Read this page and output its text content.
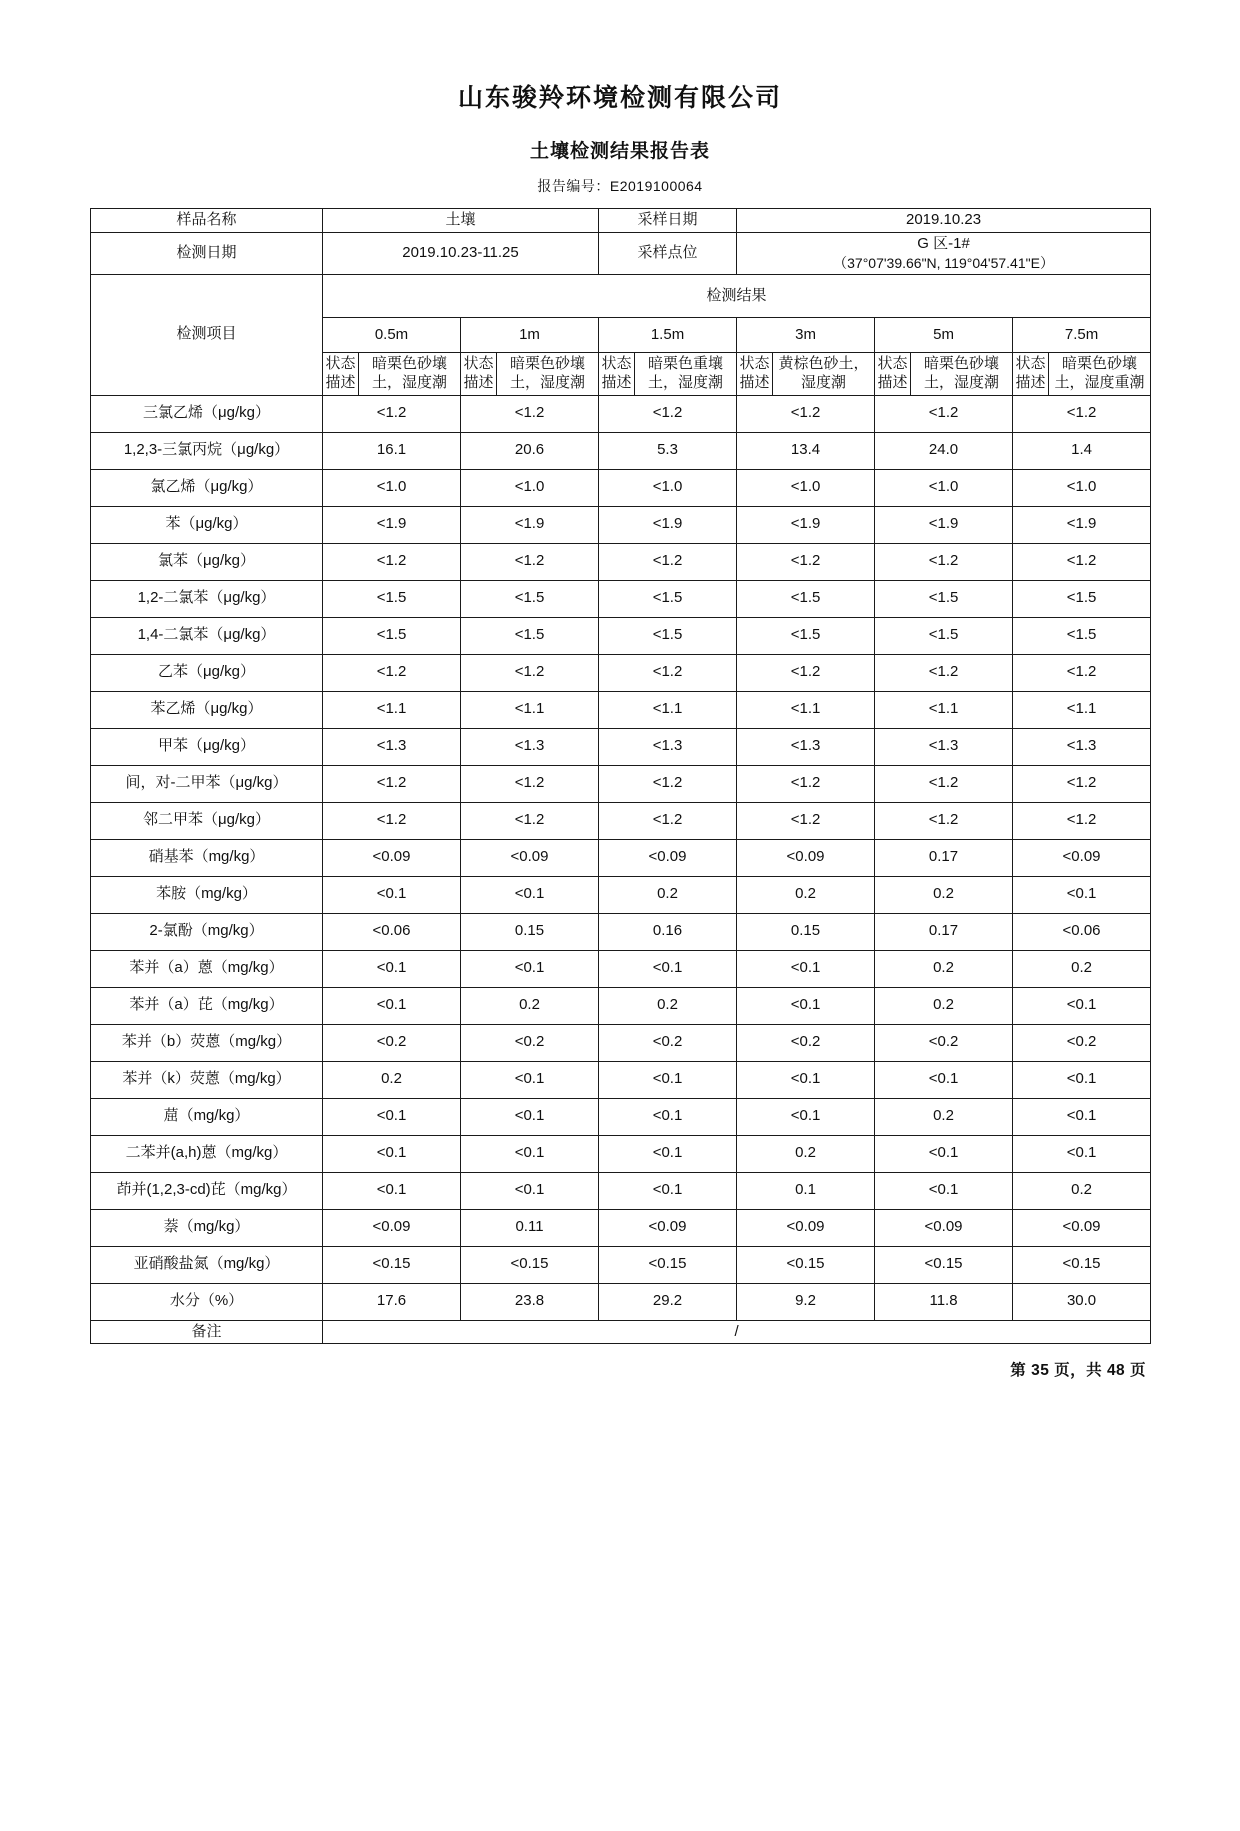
山东骏羚环境检测有限公司
土壤检测结果报告表
报告编号：E2019100064
样品名称	土壤				采样日期		2019.10.23					
检测日期	2019.10.23-11.25				采样点位		G 区-1#
（37°07'39.66"N, 119°04'57.41"E）					

检测项目	检测结果											
	0.5m		1m		1.5m		3m		5m		7.5m	
	状态描述	暗栗色砂壤土，湿度潮	状态描述	暗栗色砂壤土，湿度潮	状态描述	暗栗色重壤土，湿度潮	状态描述	黄棕色砂土，湿度潮	状态描述	暗栗色砂壤土，湿度潮	状态描述	暗栗色砂壤土，湿度重潮
三氯乙烯（μg/kg）	<1.2		<1.2		<1.2		<1.2		<1.2		<1.2	
1,2,3-三氯丙烷（μg/kg）	16.1		20.6		5.3		13.4		24.0		1.4	
氯乙烯（μg/kg）	<1.0		<1.0		<1.0		<1.0		<1.0		<1.0	
苯（μg/kg）	<1.9		<1.9		<1.9		<1.9		<1.9		<1.9	
氯苯（μg/kg）	<1.2		<1.2		<1.2		<1.2		<1.2		<1.2	
1,2-二氯苯（μg/kg）	<1.5		<1.5		<1.5		<1.5		<1.5		<1.5	
1,4-二氯苯（μg/kg）	<1.5		<1.5		<1.5		<1.5		<1.5		<1.5	
乙苯（μg/kg）	<1.2		<1.2		<1.2		<1.2		<1.2		<1.2	
苯乙烯（μg/kg）	<1.1		<1.1		<1.1		<1.1		<1.1		<1.1	
甲苯（μg/kg）	<1.3		<1.3		<1.3		<1.3		<1.3		<1.3	
间，对-二甲苯（μg/kg）	<1.2		<1.2		<1.2		<1.2		<1.2		<1.2	
邻二甲苯（μg/kg）	<1.2		<1.2		<1.2		<1.2		<1.2		<1.2	
硝基苯（mg/kg）	<0.09		<0.09		<0.09		<0.09		0.17		<0.09	
苯胺（mg/kg）	<0.1		<0.1		0.2		0.2		0.2		<0.1	
2-氯酚（mg/kg）	<0.06		0.15		0.16		0.15		0.17		<0.06	
苯并（a）蒽（mg/kg）	<0.1		<0.1		<0.1		<0.1		0.2		0.2	
苯并（a）芘（mg/kg）	<0.1		0.2		0.2		<0.1		0.2		<0.1	
苯并（b）荧蒽（mg/kg）	<0.2		<0.2		<0.2		<0.2		<0.2		<0.2	
苯并（k）荧蒽（mg/kg）	0.2		<0.1		<0.1		<0.1		<0.1		<0.1	
䓛（mg/kg）	<0.1		<0.1		<0.1		<0.1		0.2		<0.1	
二苯并(a,h)蒽（mg/kg）	<0.1		<0.1		<0.1		0.2		<0.1		<0.1	
茚并(1,2,3-cd)芘（mg/kg）	<0.1		<0.1		<0.1		0.1		<0.1		0.2	
萘（mg/kg）	<0.09		0.11		<0.09		<0.09		<0.09		<0.09	
亚硝酸盐氮（mg/kg）	<0.15		<0.15		<0.15		<0.15		<0.15		<0.15	
水分（%）	17.6		23.8		29.2		9.2		11.8		30.0	
备注	/											
第 35 页，共 48 页
